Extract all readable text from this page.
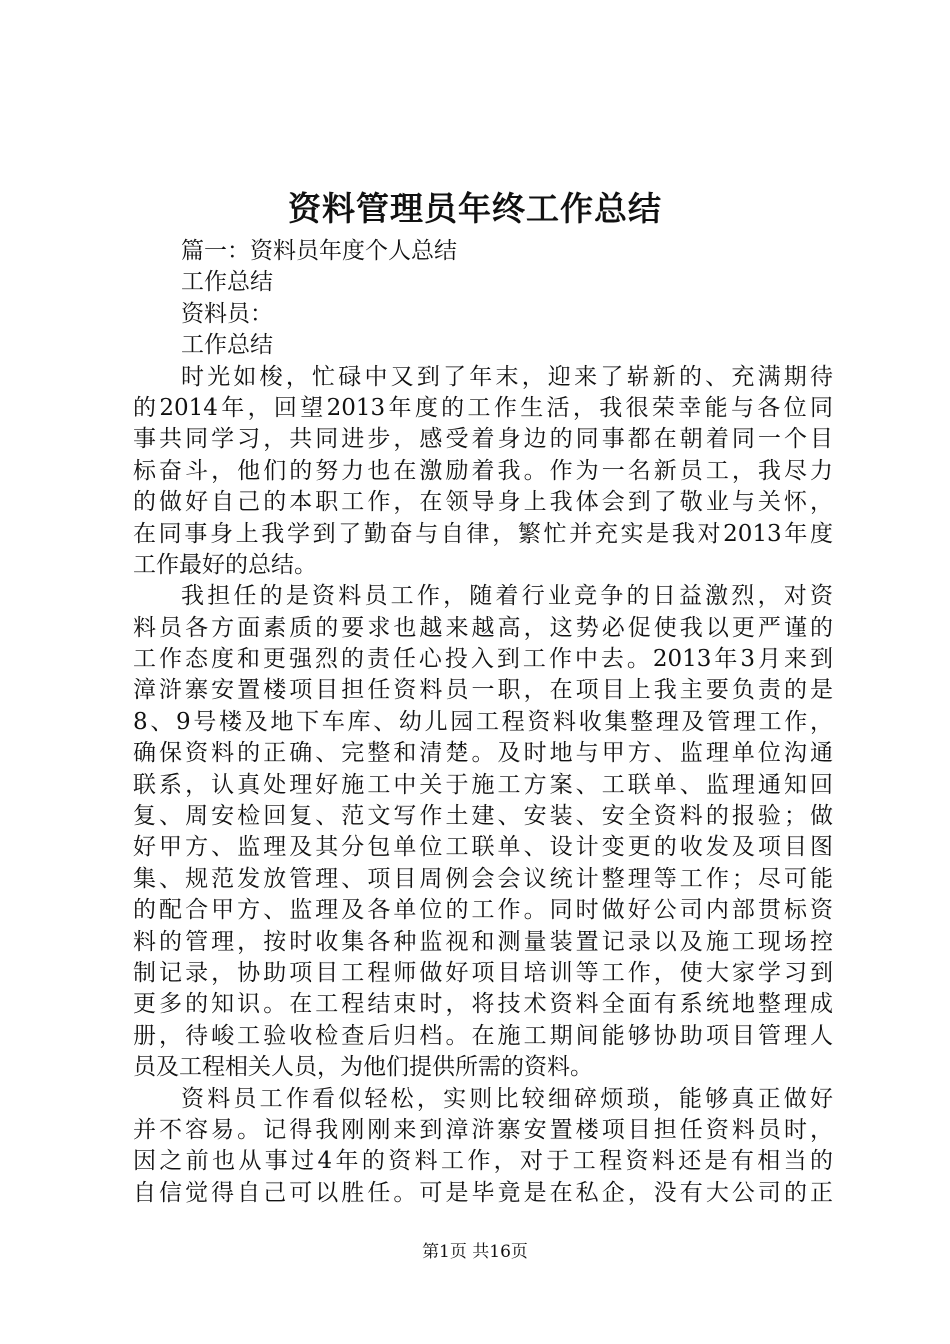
资料管理员年终工作总结
篇一：资料员年度个人总结
工作总结
资料员：
工作总结
时光如梭，忙碌中又到了年末，迎来了崭新的、充满期待
的2014年，回望2013年度的工作生活，我很荣幸能与各位同
事共同学习，共同进步，感受着身边的同事都在朝着同一个目
标奋斗，他们的努力也在激励着我。作为一名新员工，我尽力
的做好自己的本职工作，在领导身上我体会到了敬业与关怀，
在同事身上我学到了勤奋与自律，繁忙并充实是我对2013年度
工作最好的总结。
我担任的是资料员工作，随着行业竞争的日益激烈，对资
料员各方面素质的要求也越来越高，这势必促使我以更严谨的
工作态度和更强烈的责任心投入到工作中去。2013年3月来到
漳浒寨安置楼项目担任资料员一职，在项目上我主要负责的是
8、9号楼及地下车库、幼儿园工程资料收集整理及管理工作，
确保资料的正确、完整和清楚。及时地与甲方、监理单位沟通
联系，认真处理好施工中关于施工方案、工联单、监理通知回
复、周安检回复、范文写作土建、安装、安全资料的报验；做
好甲方、监理及其分包单位工联单、设计变更的收发及项目图
集、规范发放管理、项目周例会会议统计整理等工作；尽可能
的配合甲方、监理及各单位的工作。同时做好公司内部贯标资
料的管理，按时收集各种监视和测量装置记录以及施工现场控
制记录，协助项目工程师做好项目培训等工作，使大家学习到
更多的知识。在工程结束时，将技术资料全面有系统地整理成
册，待峻工验收检查后归档。在施工期间能够协助项目管理人
员及工程相关人员，为他们提供所需的资料。
资料员工作看似轻松，实则比较细碎烦琐，能够真正做好
并不容易。记得我刚刚来到漳浒寨安置楼项目担任资料员时，
因之前也从事过4年的资料工作，对于工程资料还是有相当的
自信觉得自己可以胜任。可是毕竟是在私企，没有大公司的正
第1页 共16页
